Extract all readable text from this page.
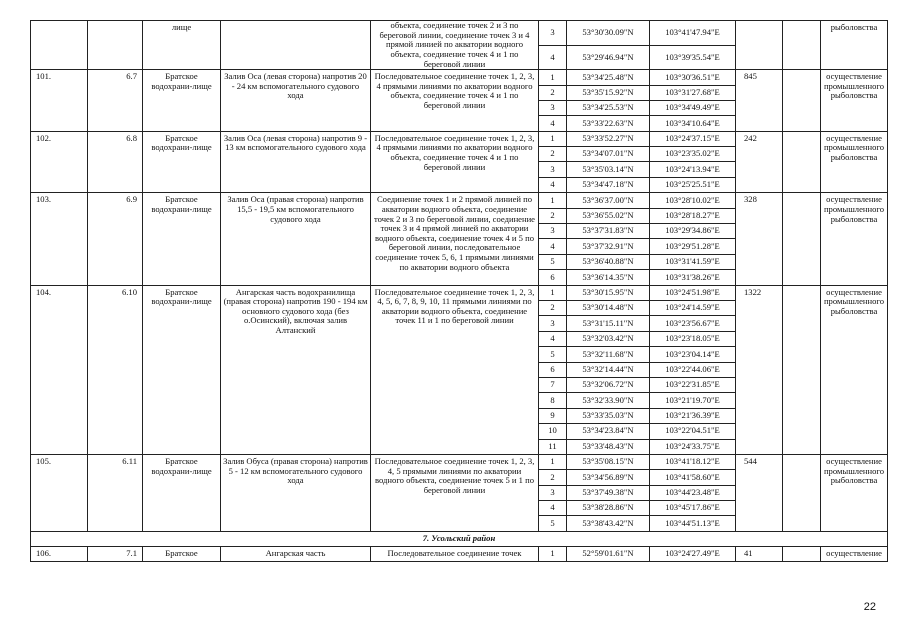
		лище		объекта, соединение точек 2 и 3 по береговой линии, соединение точек 3 и 4 прямой линией по акватории водного объекта, соединение точек 4 и 1 по береговой линии	3	53°30'30.09"N	103°41'47.94"E			рыболовства
					4	53°29'46.94"N	103°39'35.54"E			
101.	6.7	Братское водохрани-лище	Залив Оса (левая сторона) напротив 20 - 24 км вспомогательного судового хода	Последовательное соединение точек 1, 2, 3, 4 прямыми линиями по акватории водного объекта, соединение точек 4 и 1 по береговой линии	1	53°34'25.48"N	103°30'36.51"E	845		осуществление промышленного рыболовства
					2	53°35'15.92"N	103°31'27.68"E			
					3	53°34'25.53"N	103°34'49.49"E			
					4	53°33'22.63"N	103°34'10.64"E			
102.	6.8	Братское водохрани-лище	Залив Оса (левая сторона) напротив 9 - 13 км вспомогательного судового хода	Последовательное соединение точек 1, 2, 3, 4 прямыми линиями по акватории водного объекта, соединение точек 4 и 1 по береговой линии	1	53°33'52.27"N	103°24'37.15"E	242		осуществление промышленного рыболовства
					2	53°34'07.01"N	103°23'35.02"E			
					3	53°35'03.14"N	103°24'13.94"E			
					4	53°34'47.18"N	103°25'25.51"E			
103.	6.9	Братское водохрани-лище	Залив Оса (правая сторона) напротив 15,5 - 19,5 км вспомогательного судового хода	Соединение точек 1 и 2 прямой линией по акватории водного объекта, соединение точек 2 и 3 по береговой линии, соединение точек 3 и 4 прямой линией по акватории водного объекта, соединение точек 4 и 5 по береговой линии, последовательное соединение точек 5, 6, 1 прямыми линиями по акватории водного объекта	1	53°36'37.00"N	103°28'10.02"E	328		осуществление промышленного рыболовства
					2	53°36'55.02"N	103°28'18.27"E			
					3	53°37'31.83"N	103°29'34.86"E			
					4	53°37'32.91"N	103°29'51.28"E			
					5	53°36'40.88"N	103°31'41.59"E			
					6	53°36'14.35"N	103°31'38.26"E			
104.	6.10	Братское водохрани-лище	Ангарская часть водохранилища (правая сторона) напротив 190 - 194 км основного судового хода (без о.Осинский), включая залив Алтанский	Последовательное соединение точек 1, 2, 3, 4, 5, 6, 7, 8, 9, 10, 11 прямыми линиями по акватории водного объекта, соединение точек 11 и 1 по береговой линии	1	53°30'15.95"N	103°24'51.98"E	1322		осуществление промышленного рыболовства
					2	53°30'14.48"N	103°24'14.59"E			
					3	53°31'15.11"N	103°23'56.67"E			
					4	53°32'03.42"N	103°23'18.05"E			
					5	53°32'11.68"N	103°23'04.14"E			
					6	53°32'14.44"N	103°22'44.06"E			
					7	53°32'06.72"N	103°22'31.85"E			
					8	53°32'33.90"N	103°21'19.70"E			
					9	53°33'35.03"N	103°21'36.39"E			
					10	53°34'23.84"N	103°22'04.51"E			
					11	53°33'48.43"N	103°24'33.75"E			
105.	6.11	Братское водохрани-лище	Залив Обуса (правая сторона) напротив 5 - 12 км вспомогательного судового хода	Последовательное соединение точек 1, 2, 3, 4, 5 прямыми линиями по акватории водного объекта, соединение точек 5 и 1 по береговой линии	1	53°35'08.15"N	103°41'18.12"E	544		осуществление промышленного рыболовства
					2	53°34'56.89"N	103°41'58.60"E			
					3	53°37'49.38"N	103°44'23.48"E			
					4	53°38'28.86"N	103°45'17.86"E			
					5	53°38'43.42"N	103°44'51.13"E			
7. Усольский район										
106.	7.1	Братское	Ангарская часть	Последовательное соединение точек	1	52°59'01.61"N	103°24'27.49"E	41		осуществление
22
